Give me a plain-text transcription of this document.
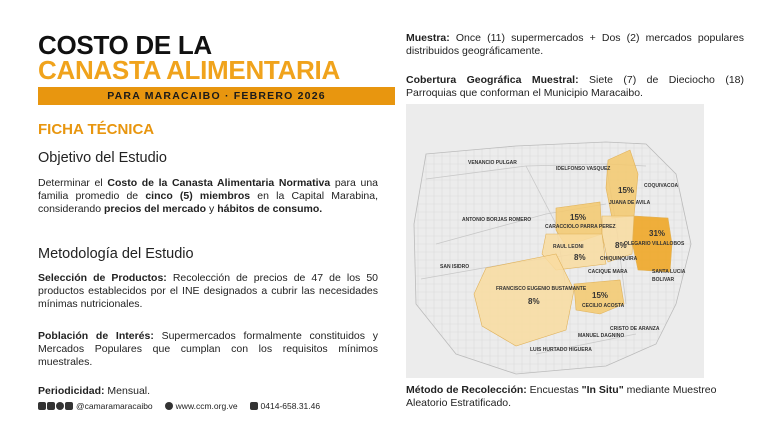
COSTO DE LA
CANASTA ALIMENTARIA
PARA MARACAIBO · FEBRERO 2026
FICHA TÉCNICA
Objetivo del Estudio
Determinar el Costo de la Canasta Alimentaria Normativa para una familia promedio de cinco (5) miembros en la Capital Marabina, considerando precios del mercado y hábitos de consumo.
Metodología del Estudio
Selección de Productos: Recolección de precios de 47 de los 50 productos establecidos por el INE designados a cubrir las necesidades mínimas nutricionales.
Población de Interés: Supermercados formalmente constituidos y Mercados Populares que cumplan con los requisitos mínimos muestrales.
Periodicidad: Mensual.
@camaramaracaibo	www.ccm.org.ve	0414-658.31.46
Muestra: Once (11) supermercados + Dos (2) mercados populares distribuidos geográficamente.
Cobertura Geográfica Muestral: Siete (7) de Dieciocho (18) Parroquias que conforman el Municipio Maracaibo.
VENANCIO PULGAR
IDELFONSO VASQUEZ
COQUIVACOA
JUANA DE AVILA
ANTONIO BORJAS ROMERO
CARACCIOLO PARRA PEREZ
OLEGARIO VILLALOBOS
RAUL LEONI
CHIQUINQUIRA
SAN ISIDRO
CACIQUE MARA	SANTA LUCIA
BOLIVAR
FRANCISCO EUGENIO BUSTAMANTE
CECILIO ACOSTA
CRISTO DE ARANZA
MANUEL DAGNINO
LUIS HURTADO HIGUERA
15%
31%
15%
8%
8%
8%
15%
Método de Recolección: Encuestas "In Situ" mediante Muestreo Aleatorio Estratificado.
